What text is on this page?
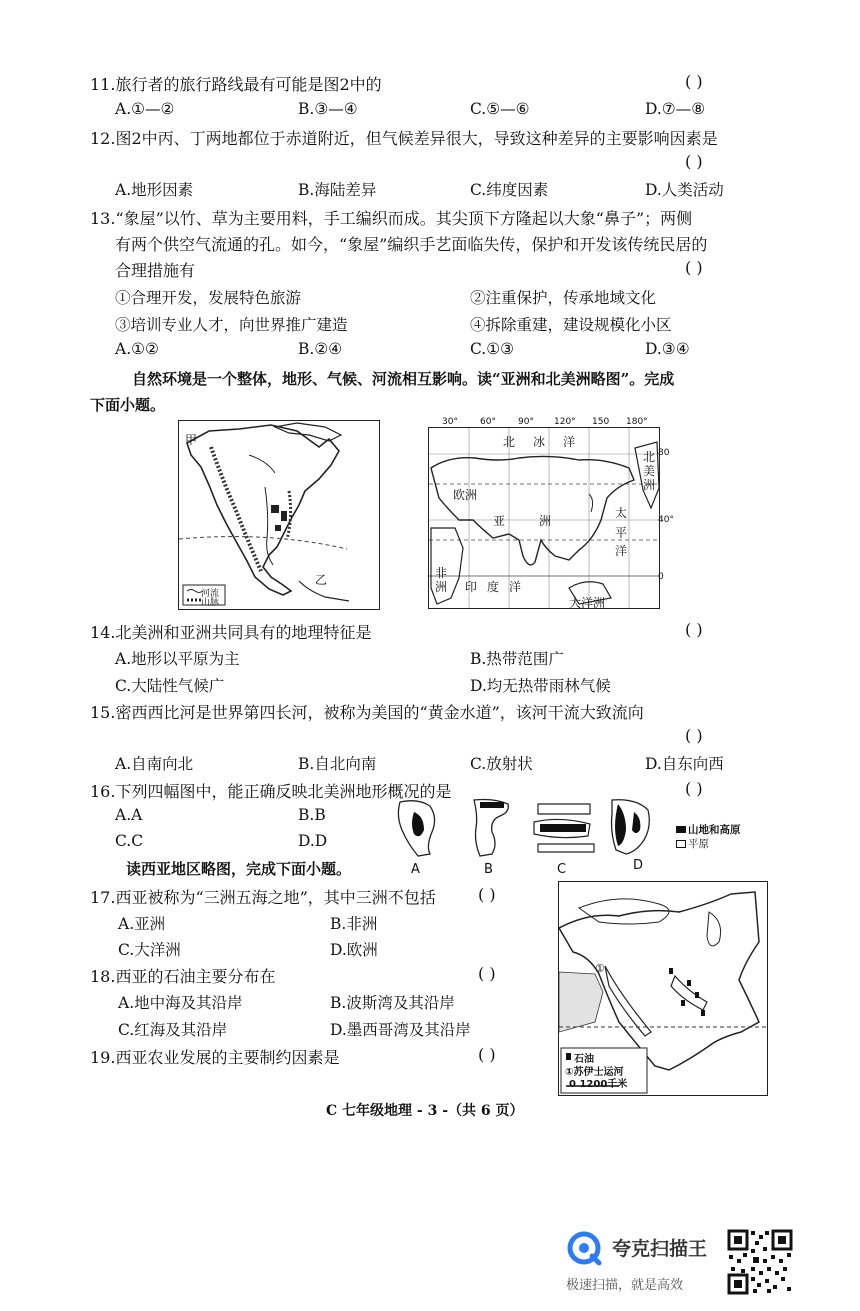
11.旅行者的旅行路线最有可能是图2中的	( )
A.①—②	B.③—④	C.⑤—⑥	D.⑦—⑧
12.图2中丙、丁两地都位于赤道附近，但气候差异很大，导致这种差异的主要影响因素是
( )
A.地形因素	B.海陆差异	C.纬度因素	D.人类活动
13.“象屋”以竹、草为主要用料，手工编织而成。其尖顶下方隆起以大象“鼻子”；两侧
有两个供空气流通的孔。如今，“象屋”编织手艺面临失传，保护和开发该传统民居的
合理措施有	( )
①合理开发，发展特色旅游	②注重保护，传承地域文化
③培训专业人才，向世界推广建造	④拆除重建，建设规模化小区
A.①②	B.②④	C.①③	D.③④
自然环境是一个整体，地形、气候、河流相互影响。读“亚洲和北美洲略图”。完成
下面小题。
甲
乙
河流
山脉
北 冰 洋
欧洲
亚	洲
北
美
洲
太
平
洋
非
洲 印 度 洋
大洋洲
30° 60° 90° 120° 150 180°
80
40°
0
14.北美洲和亚洲共同具有的地理特征是	( )
A.地形以平原为主	B.热带范围广
C.大陆性气候广	D.均无热带雨林气候
15.密西西比河是世界第四长河，被称为美国的“黄金水道”，该河干流大致流向
( )
A.自南向北	B.自北向南	C.放射状	D.自东向西
16.下列四幅图中，能正确反映北美洲地形概况的是	( )
A.A	B.B
C.C	D.D
A	B	C	D
山地和高原
平原
读西亚地区略图，完成下面小题。
17.西亚被称为“三洲五海之地”，其中三洲不包括	( )
A.亚洲	B.非洲
C.大洋洲	D.欧洲
18.西亚的石油主要分布在	( )
A.地中海及其沿岸	B.波斯湾及其沿岸
C.红海及其沿岸	D.墨西哥湾及其沿岸
19.西亚农业发展的主要制约因素是	( )
①
石油
①苏伊士运河
0 1200千米
C 七年级地理 - 3 -（共 6 页）
夸克扫描王
极速扫描，就是高效
